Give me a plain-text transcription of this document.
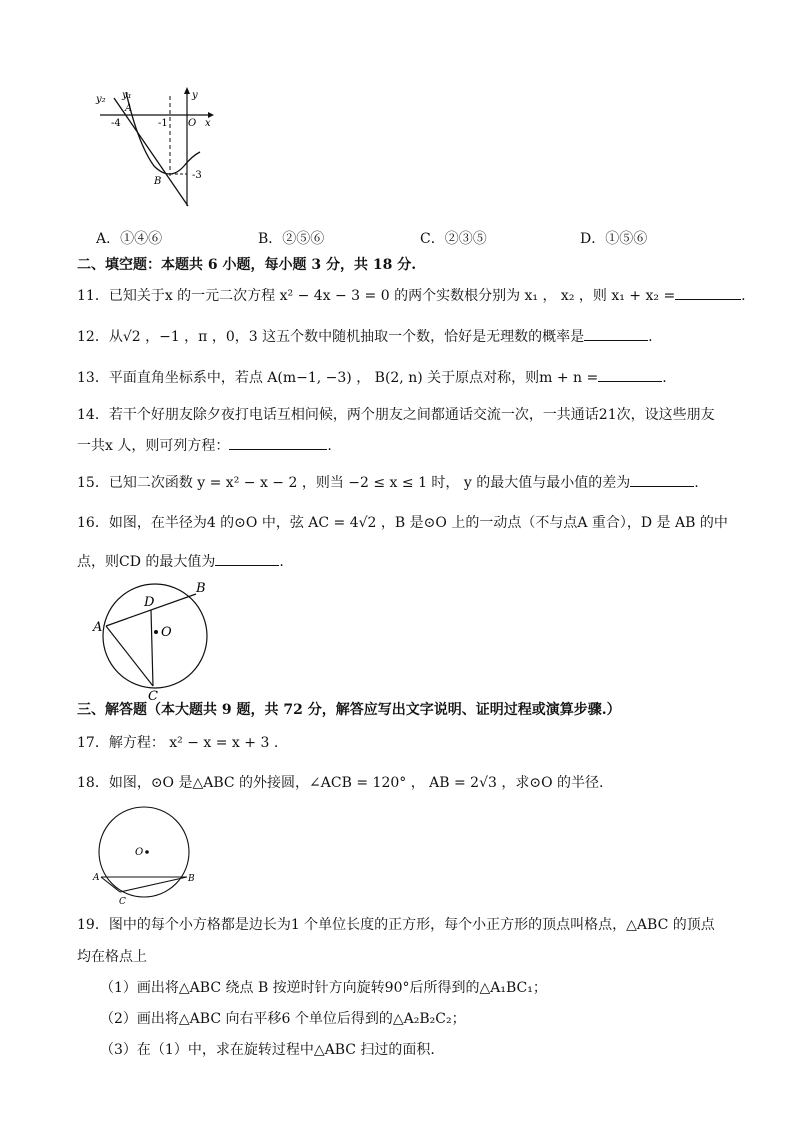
y₂ y₁
A
y
x
-4	-1 O
B
-3
A．①④⑥	B．②⑤⑥	C．②③⑤	D．①⑤⑥
二、填空题：本题共 6 小题，每小题 3 分，共 18 分.
11．已知关于x 的一元二次方程 x² − 4x − 3 = 0 的两个实数根分别为 x₁ ， x₂ ，则 x₁ + x₂ =	.
12．从√2 ，−1 ，π ，0，3 这五个数中随机抽取一个数，恰好是无理数的概率是	.
13．平面直角坐标系中，若点 A(m−1, −3) ， B(2, n) 关于原点对称，则m + n =	.
14．若干个好朋友除夕夜打电话互相问候，两个朋友之间都通话交流一次，一共通话21次，设这些朋友
一共x 人，则可列方程：	.
15．已知二次函数 y = x² − x − 2 ，则当 −2 ≤ x ≤ 1 时， y 的最大值与最小值的差为	.
16．如图，在半径为4 的⊙O 中，弦 AC = 4√2 ，B 是⊙O 上的一动点（不与点A 重合），D 是 AB 的中
点，则CD 的最大值为	.
A
B
C
D
O
三、解答题（本大题共 9 题，共 72 分，解答应写出文字说明、证明过程或演算步骤.）
17．解方程： x² − x = x + 3 .
18．如图，⊙O 是△ABC 的外接圆，∠ACB = 120° ， AB = 2√3 ，求⊙O 的半径.
O
A	B
C
19．图中的每个小方格都是边长为1 个单位长度的正方形，每个小正方形的顶点叫格点，△ABC 的顶点
均在格点上
（1）画出将△ABC 绕点 B 按逆时针方向旋转90°后所得到的△A₁BC₁；
（2）画出将△ABC 向右平移6 个单位后得到的△A₂B₂C₂；
（3）在（1）中，求在旋转过程中△ABC 扫过的面积.
